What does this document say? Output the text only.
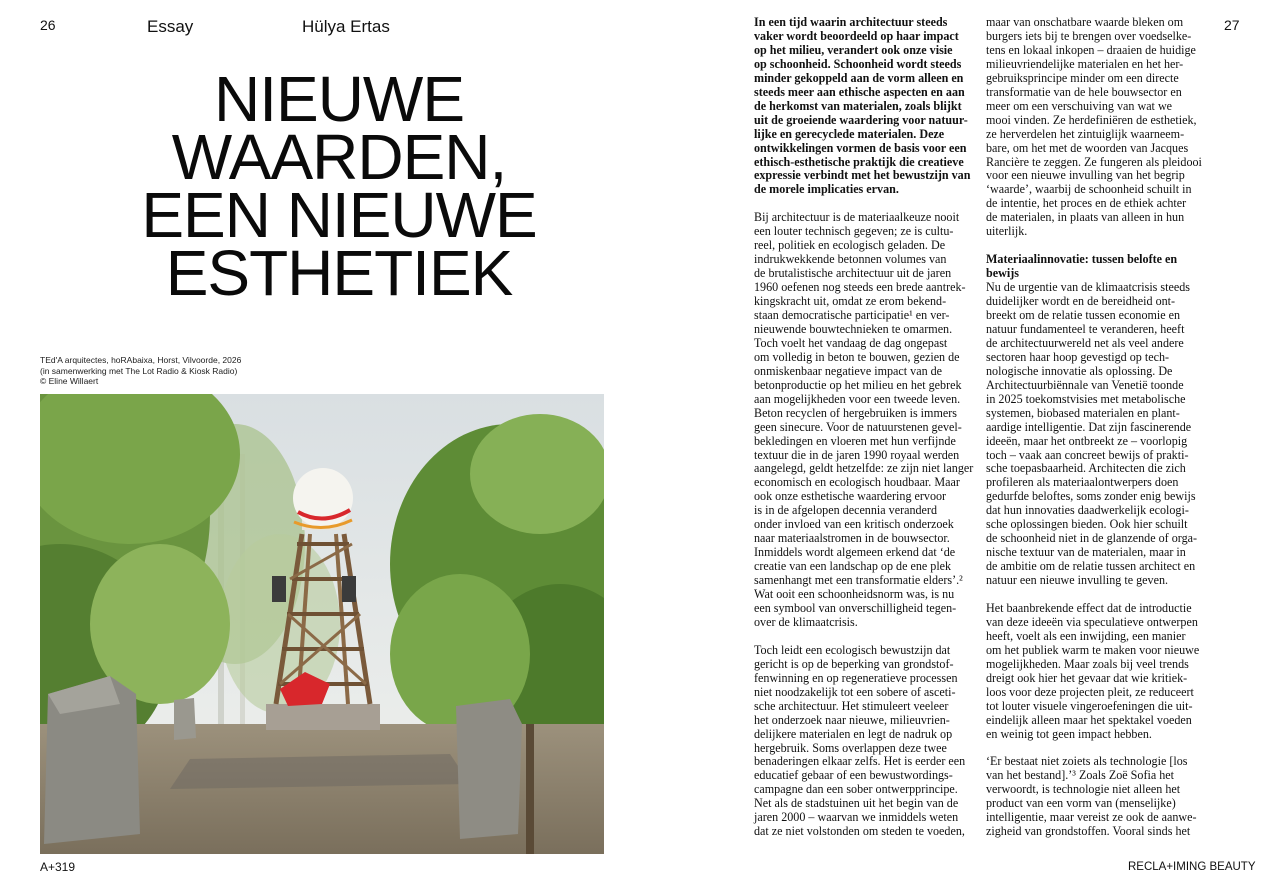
26	Essay	Hülya Ertas
NIEUWE
WAARDEN,
EEN NIEUWE
ESTHETIEK
TEd'A arquitectes, hoRAbaixa, Horst, Vilvoorde, 2026
(in samenwerking met The Lot Radio & Kiosk Radio)
© Eline Willaert
A+319
27

In een tijd waarin architectuur steeds
vaker wordt beoordeeld op haar impact
op het milieu, verandert ook onze visie
op schoonheid. Schoonheid wordt steeds
minder gekoppeld aan de vorm alleen en
steeds meer aan ethische aspecten en aan
de herkomst van materialen, zoals blijkt
uit de groeiende waardering voor natuur-
lijke en gerecyclede materialen. Deze
ontwikkelingen vormen de basis voor een
ethisch-esthetische praktijk die creatieve
expressie verbindt met het bewustzijn van
de morele implicaties ervan.

Bij architectuur is de materiaalkeuze nooit
een louter technisch gegeven; ze is cultu-
reel, politiek en ecologisch geladen. De
indrukwekkende betonnen volumes van
de brutalistische architectuur uit de jaren
1960 oefenen nog steeds een brede aantrek-
kingskracht uit, omdat ze erom bekend-
staan democratische participatie¹ en ver-
nieuwende bouwtechnieken te omarmen.
Toch voelt het vandaag de dag ongepast
om volledig in beton te bouwen, gezien de
onmiskenbaar negatieve impact van de
betonproductie op het milieu en het gebrek
aan mogelijkheden voor een tweede leven.
Beton recyclen of hergebruiken is immers
geen sinecure. Voor de natuurstenen gevel-
bekledingen en vloeren met hun verfijnde
textuur die in de jaren 1990 royaal werden
aangelegd, geldt hetzelfde: ze zijn niet langer
economisch en ecologisch houdbaar. Maar
ook onze esthetische waardering ervoor
is in de afgelopen decennia veranderd
onder invloed van een kritisch onderzoek
naar materiaalstromen in de bouwsector.
Inmiddels wordt algemeen erkend dat ‘de
creatie van een landschap op de ene plek
samenhangt met een transformatie elders’.²
Wat ooit een schoonheidsnorm was, is nu
een symbool van onverschilligheid tegen-
over de klimaatcrisis.

Toch leidt een ecologisch bewustzijn dat
gericht is op de beperking van grondstof-
fenwinning en op regeneratieve processen
niet noodzakelijk tot een sobere of asceti-
sche architectuur. Het stimuleert veeleer
het onderzoek naar nieuwe, milieuvrien-
delijkere materialen en legt de nadruk op
hergebruik. Soms overlappen deze twee
benaderingen elkaar zelfs. Het is eerder een
educatief gebaar of een bewustwordings-
campagne dan een sober ontwerpprincipe.
Net als de stadstuinen uit het begin van de
jaren 2000 – waarvan we inmiddels weten
dat ze niet volstonden om steden te voeden,

maar van onschatbare waarde bleken om
burgers iets bij te brengen over voedselke-
tens en lokaal inkopen – draaien de huidige
milieuvriendelijke materialen en het her-
gebruiksprincipe minder om een directe
transformatie van de hele bouwsector en
meer om een verschuiving van wat we
mooi vinden. Ze herdefiniëren de esthetiek,
ze herverdelen het zintuiglijk waarneem-
bare, om het met de woorden van Jacques
Rancière te zeggen. Ze fungeren als pleidooi
voor een nieuwe invulling van het begrip
‘waarde’, waarbij de schoonheid schuilt in
de intentie, het proces en de ethiek achter
de materialen, in plaats van alleen in hun
uiterlijk.

Materiaalinnovatie: tussen belofte en
bewijs

Nu de urgentie van de klimaatcrisis steeds
duidelijker wordt en de bereidheid ont-
breekt om de relatie tussen economie en
natuur fundamenteel te veranderen, heeft
de architectuurwereld net als veel andere
sectoren haar hoop gevestigd op tech-
nologische innovatie als oplossing. De
Architectuurbiënnale van Venetië toonde
in 2025 toekomstvisies met metabolische
systemen, biobased materialen en plant-
aardige intelligentie. Dat zijn fascinerende
ideeën, maar het ontbreekt ze – voorlopig
toch – vaak aan concreet bewijs of prakti-
sche toepasbaarheid. Architecten die zich
profileren als materiaalontwerpers doen
gedurfde beloftes, soms zonder enig bewijs
dat hun innovaties daadwerkelijk ecologi-
sche oplossingen bieden. Ook hier schuilt
de schoonheid niet in de glanzende of orga-
nische textuur van de materialen, maar in
de ambitie om de relatie tussen architect en
natuur een nieuwe invulling te geven.

Het baanbrekende effect dat de introductie
van deze ideeën via speculatieve ontwerpen
heeft, voelt als een inwijding, een manier
om het publiek warm te maken voor nieuwe
mogelijkheden. Maar zoals bij veel trends
dreigt ook hier het gevaar dat wie kritiek-
loos voor deze projecten pleit, ze reduceert
tot louter visuele vingeroefeningen die uit-
eindelijk alleen maar het spektakel voeden
en weinig tot geen impact hebben.

‘Er bestaat niet zoiets als technologie [los
van het bestand].’³ Zoals Zoë Sofia het
verwoordt, is technologie niet alleen het
product van een vorm van (menselijke)
intelligentie, maar vereist ze ook de aanwe-
zigheid van grondstoffen. Vooral sinds het

RECLA+IMING BEAUTY
